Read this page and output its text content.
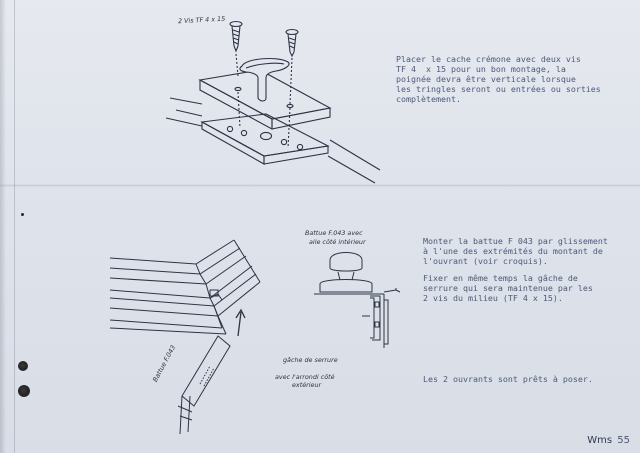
2 Vis TF 4 x 15
Battue F.043	gâche de serrure
avec l'arrondi côté
extérieur
Battue F.043 avec
aile côté intérieur
Placer le cache crémone avec deux vis
TF 4  x 15 pour un bon montage, la
poignée devra être verticale lorsque
les tringles seront ou entrées ou sorties
complètement.
Monter la battue F 043 par glissement
à l'une des extrémités du montant de
l'ouvrant (voir croquis).
Fixer en même temps la gâche de
serrure qui sera maintenue par les
2 vis du milieu (TF 4 x 15).
Les 2 ouvrants sont prêts à poser.
Wms 55
